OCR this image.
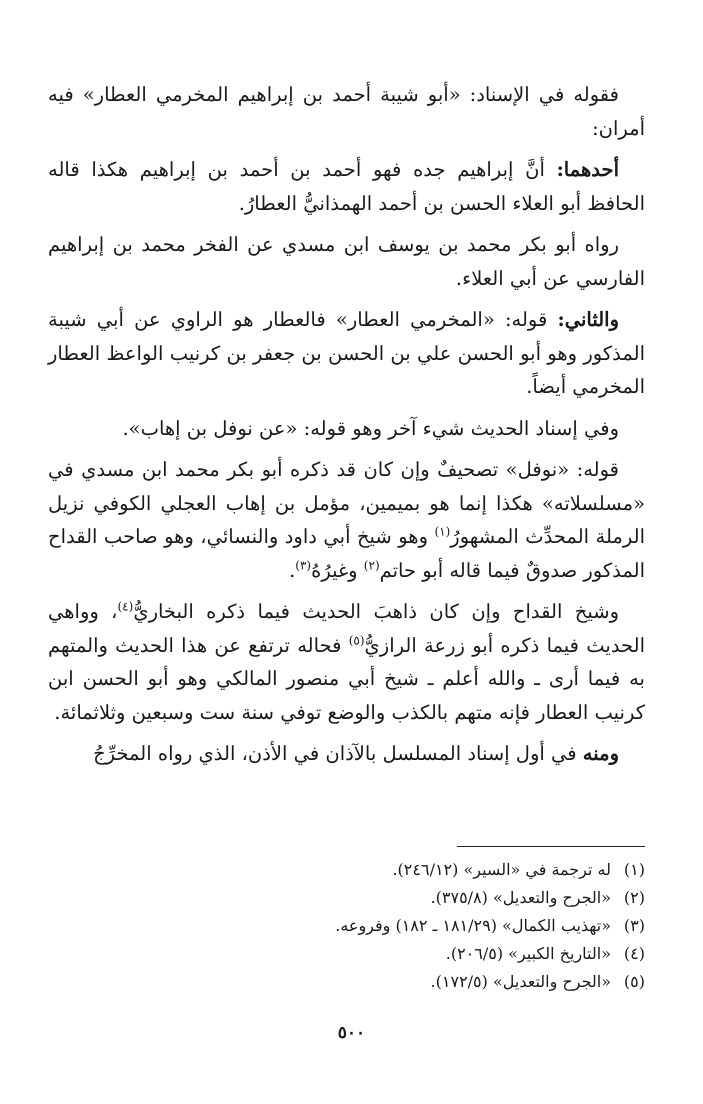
فقوله في الإسناد: «أبو شيبة أحمد بن إبراهيم المخرمي العطار» فيه أمران:

أحدهما: أنَّ إبراهيم جده فهو أحمد بن أحمد بن إبراهيم هكذا قاله الحافظ أبو العلاء الحسن بن أحمد الهمذانيُّ العطارُ.

رواه أبو بكر محمد بن يوسف ابن مسدي عن الفخر محمد بن إبراهيم الفارسي عن أبي العلاء.

والثاني: قوله: «المخرمي العطار» فالعطار هو الراوي عن أبي شيبة المذكور وهو أبو الحسن علي بن الحسن بن جعفر بن كرنيب الواعظ العطار المخرمي أيضاً.

وفي إسناد الحديث شيء آخر وهو قوله: «عن نوفل بن إهاب».

قوله: «نوفل» تصحيفٌ وإن كان قد ذكره أبو بكر محمد ابن مسدي في «مسلسلاته» هكذا إنما هو بميمين، مؤمل بن إهاب العجلي الكوفي نزيل الرملة المحدِّث المشهورُ$^{(١)}$ وهو شيخ أبي داود والنسائي، وهو صاحب القداح المذكور صدوقٌ فيما قاله أبو حاتم$^{(٢)}$ وغيرُهُ$^{(٣)}$.

وشيخ القداح وإن كان ذاهبَ الحديث فيما ذكره البخاريُّ$^{(٤)}$، وواهي الحديث فيما ذكره أبو زرعة الرازيُّ$^{(٥)}$ فحاله ترتفع عن هذا الحديث والمتهم به فيما أرى ـ والله أعلم ـ شيخ أبي منصور المالكي وهو أبو الحسن ابن كرنيب العطار فإنه متهم بالكذب والوضع توفي سنة ست وسبعين وثلاثمائة.

ومنه في أول إسناد المسلسل بالآذان في الأذن، الذي رواه المخرِّجُ

(١)له ترجمة في «السير» (٢٤٦/١٢).

(٢)«الجرح والتعديل» (٣٧٥/٨).

(٣)«تهذيب الكمال» (١٨١/٢٩ ـ ١٨٢) وفروعه.

(٤)«التاريخ الكبير» (٢٠٦/٥).

(٥)«الجرح والتعديل» (١٧٢/٥).

٥٠٠
